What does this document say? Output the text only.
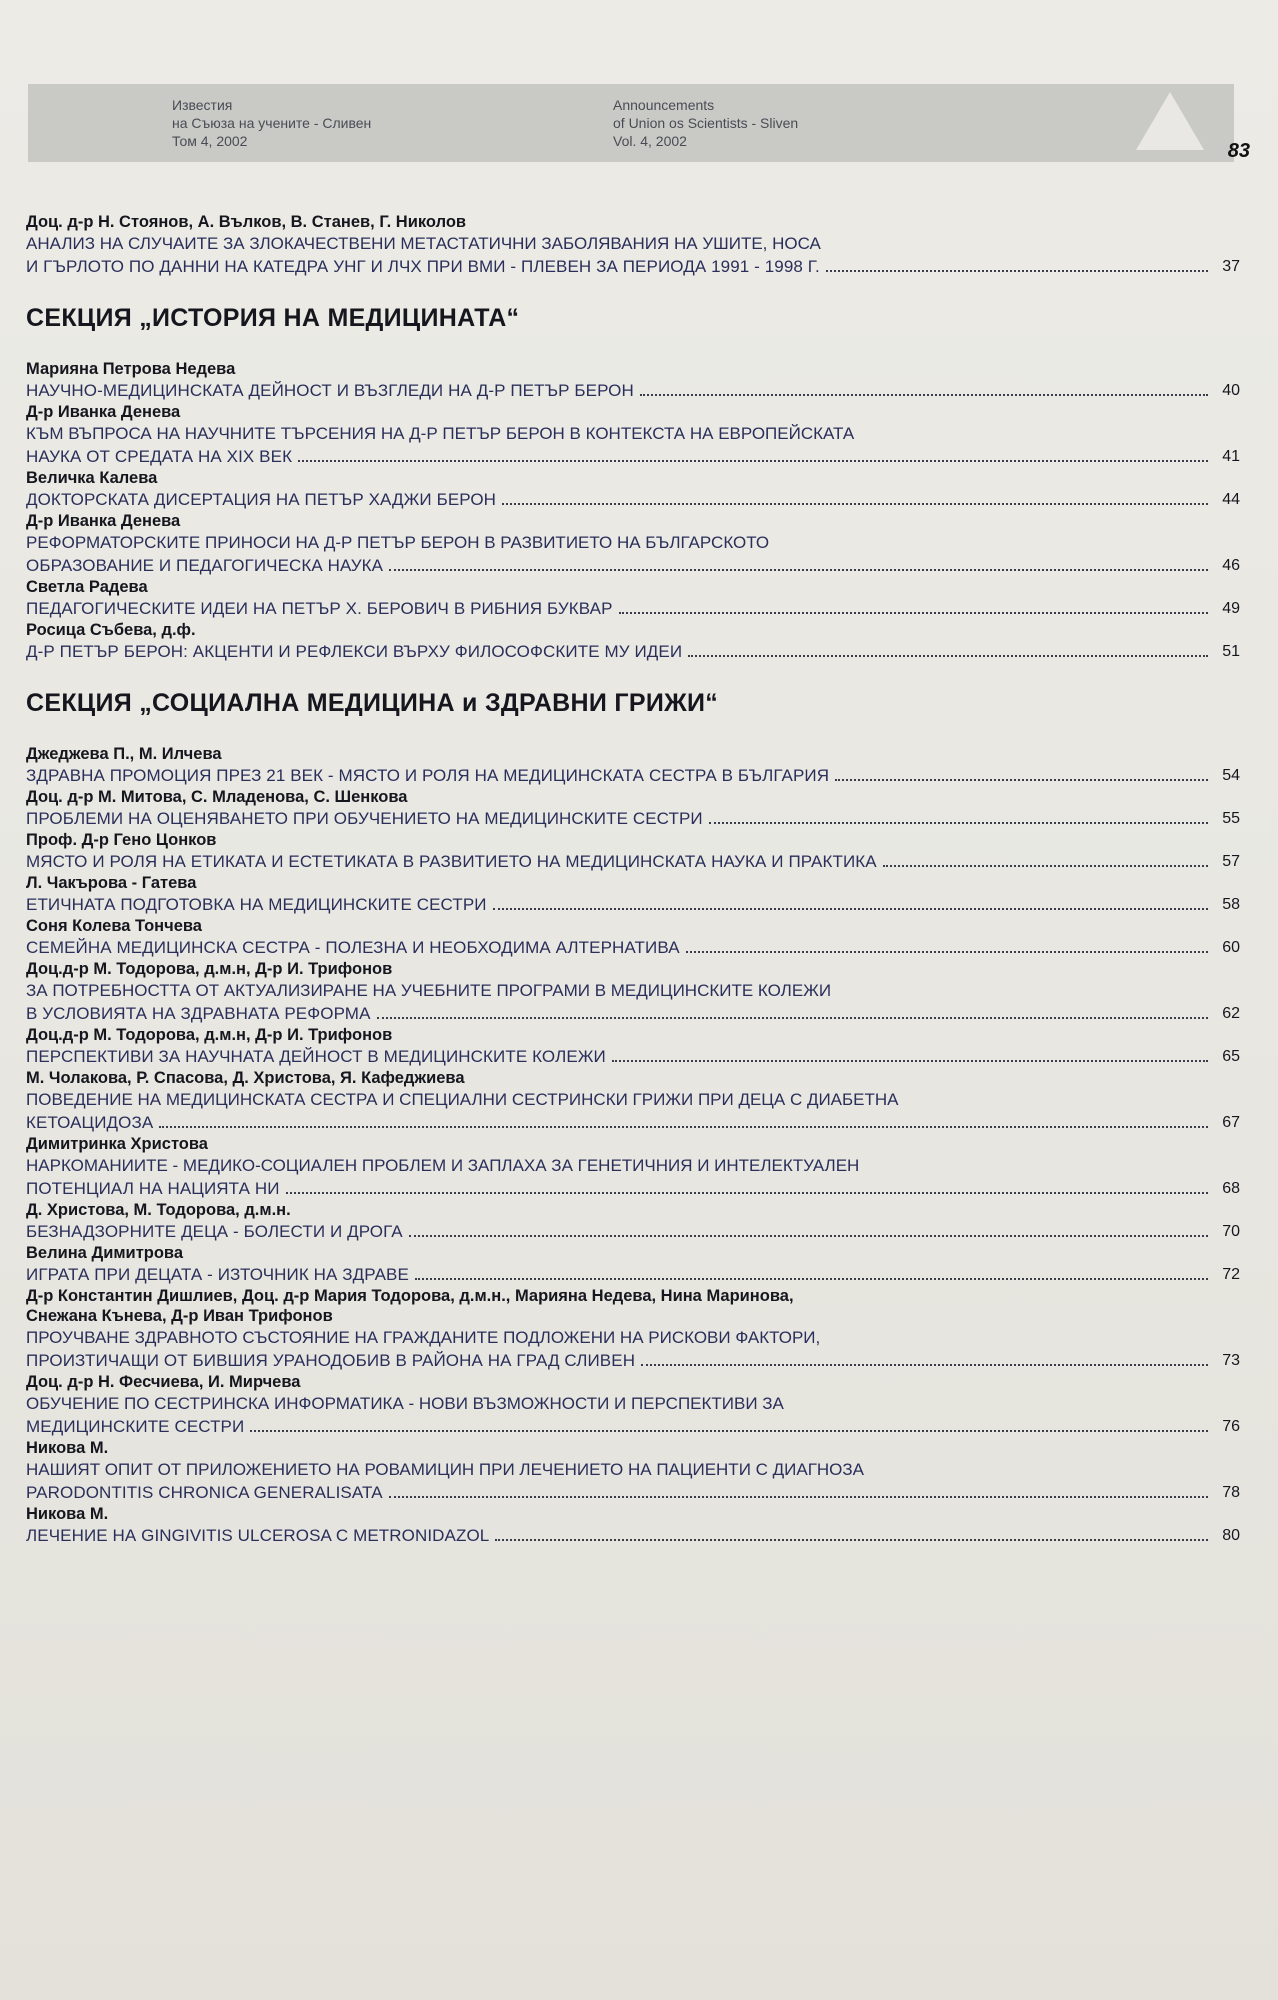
Известия
на Съюза на учените - Сливен
Том 4, 2002
Announcements
of Union os Scientists - Sliven
Vol. 4, 2002	83
Доц. д-р Н. Стоянов, А. Вълков, В. Станев, Г. Николов
АНАЛИЗ НА СЛУЧАИТЕ ЗА ЗЛОКАЧЕСТВЕНИ МЕТАСТАТИЧНИ ЗАБОЛЯВАНИЯ НА УШИТЕ, НОСА
И ГЪРЛОТО ПО ДАННИ НА КАТЕДРА УНГ И ЛЧХ ПРИ ВМИ - ПЛЕВЕН ЗА ПЕРИОДА 1991 - 1998 Г.	37
СЕКЦИЯ „ИСТОРИЯ НА МЕДИЦИНАТА“
Марияна Петрова Недева
НАУЧНО-МЕДИЦИНСКАТА ДЕЙНОСТ И ВЪЗГЛЕДИ НА Д-Р ПЕТЪР БЕРОН	40
Д-р Иванка Денева
КЪМ ВЪПРОСА НА НАУЧНИТЕ ТЪРСЕНИЯ НА Д-Р ПЕТЪР БЕРОН В КОНТЕКСТА НА ЕВРОПЕЙСКАТА
НАУКА ОТ СРЕДАТА НА XIX ВЕК	41
Величка Калева
ДОКТОРСКАТА ДИСЕРТАЦИЯ НА ПЕТЪР ХАДЖИ БЕРОН	44
Д-р Иванка Денева
РЕФОРМАТОРСКИТЕ ПРИНОСИ НА Д-Р ПЕТЪР БЕРОН В РАЗВИТИЕТО НА БЪЛГАРСКОТО
ОБРАЗОВАНИЕ И ПЕДАГОГИЧЕСКА НАУКА	46
Светла Радева
ПЕДАГОГИЧЕСКИТЕ ИДЕИ НА ПЕТЪР Х. БЕРОВИЧ В РИБНИЯ БУКВАР	49
Росица Събева, д.ф.
Д-Р ПЕТЪР БЕРОН: АКЦЕНТИ И РЕФЛЕКСИ ВЪРХУ ФИЛОСОФСКИТЕ МУ ИДЕИ	51
СЕКЦИЯ „СОЦИАЛНА МЕДИЦИНА и ЗДРАВНИ ГРИЖИ“
Джеджева П., М. Илчева
ЗДРАВНА ПРОМОЦИЯ ПРЕЗ 21 ВЕК - МЯСТО И РОЛЯ НА МЕДИЦИНСКАТА СЕСТРА В БЪЛГАРИЯ	54
Доц. д-р М. Митова, С. Младенова, С. Шенкова
ПРОБЛЕМИ НА ОЦЕНЯВАНЕТО ПРИ ОБУЧЕНИЕТО НА МЕДИЦИНСКИТЕ СЕСТРИ	55
Проф. Д-р Гено Цонков
МЯСТО И РОЛЯ НА ЕТИКАТА И ЕСТЕТИКАТА В РАЗВИТИЕТО НА МЕДИЦИНСКАТА НАУКА И ПРАКТИКА	57
Л. Чакърова - Гатева
ЕТИЧНАТА ПОДГОТОВКА НА МЕДИЦИНСКИТЕ СЕСТРИ	58
Соня Колева Тончева
СЕМЕЙНА МЕДИЦИНСКА СЕСТРА - ПОЛЕЗНА И НЕОБХОДИМА АЛТЕРНАТИВА	60
Доц.д-р М. Тодорова, д.м.н, Д-р И. Трифонов
ЗА ПОТРЕБНОСТТА ОТ АКТУАЛИЗИРАНЕ НА УЧЕБНИТЕ ПРОГРАМИ В МЕДИЦИНСКИТЕ КОЛЕЖИ
В УСЛОВИЯТА НА ЗДРАВНАТА РЕФОРМА	62
Доц.д-р М. Тодорова, д.м.н, Д-р И. Трифонов
ПЕРСПЕКТИВИ ЗА НАУЧНАТА ДЕЙНОСТ В МЕДИЦИНСКИТЕ КОЛЕЖИ	65
М. Чолакова, Р. Спасова, Д. Христова, Я. Кафеджиева
ПОВЕДЕНИЕ НА МЕДИЦИНСКАТА СЕСТРА И СПЕЦИАЛНИ СЕСТРИНСКИ ГРИЖИ ПРИ ДЕЦА С ДИАБЕТНА
КЕТОАЦИДОЗА	67
Димитринка Христова
НАРКОМАНИИТЕ - МЕДИКО-СОЦИАЛЕН ПРОБЛЕМ И ЗАПЛАХА ЗА ГЕНЕТИЧНИЯ И ИНТЕЛЕКТУАЛЕН
ПОТЕНЦИАЛ НА НАЦИЯТА НИ	68
Д. Христова, М. Тодорова, д.м.н.
БЕЗНАДЗОРНИТЕ ДЕЦА - БОЛЕСТИ И ДРОГА	70
Велина Димитрова
ИГРАТА ПРИ ДЕЦАТА - ИЗТОЧНИК НА ЗДРАВЕ	72
Д-р Константин Дишлиев, Доц. д-р Мария Тодорова, д.м.н., Марияна Недева, Нина Маринова,
Снежана Кънева, Д-р Иван Трифонов
ПРОУЧВАНЕ ЗДРАВНОТО СЪСТОЯНИЕ НА ГРАЖДАНИТЕ ПОДЛОЖЕНИ НА РИСКОВИ ФАКТОРИ,
ПРОИЗТИЧАЩИ ОТ БИВШИЯ УРАНОДОБИВ В РАЙОНА НА ГРАД СЛИВЕН	73
Доц. д-р Н. Фесчиева, И. Мирчева
ОБУЧЕНИЕ ПО СЕСТРИНСКА ИНФОРМАТИКА - НОВИ ВЪЗМОЖНОСТИ И ПЕРСПЕКТИВИ ЗА
МЕДИЦИНСКИТЕ СЕСТРИ	76
Никова М.
НАШИЯТ ОПИТ ОТ ПРИЛОЖЕНИЕТО НА РОВАМИЦИН ПРИ ЛЕЧЕНИЕТО НА ПАЦИЕНТИ С ДИАГНОЗА
PARODONTITIS CHRONICA GENERALISATA	78
Никова М.
ЛЕЧЕНИЕ НА GINGIVITIS ULCEROSA С METRONIDAZOL	80
